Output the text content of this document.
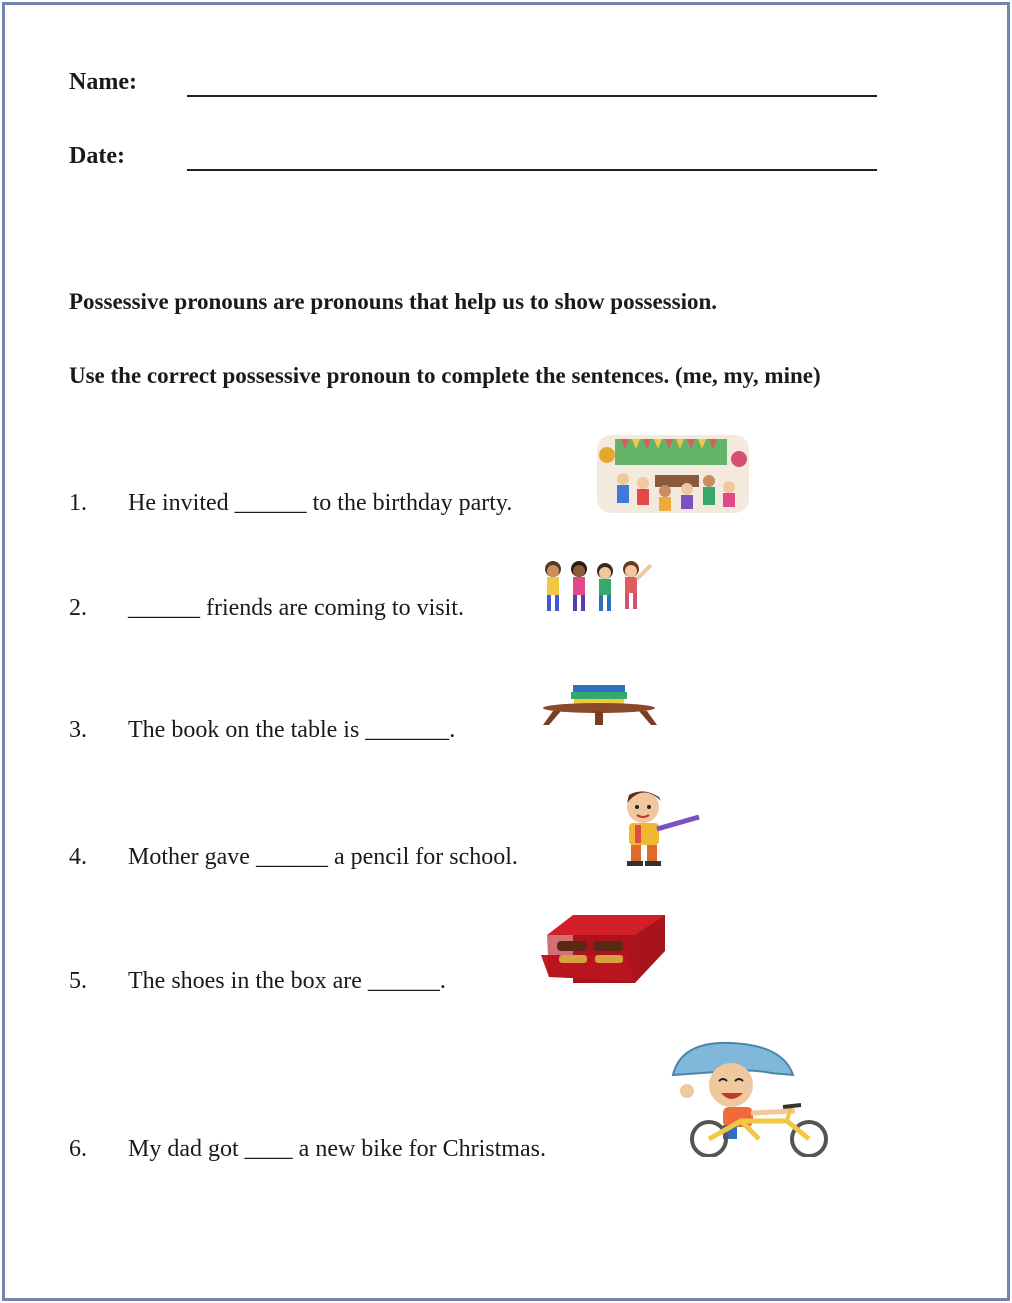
Name:
Date:
Possessive pronouns are pronouns that help us to show possession.
Use the correct possessive pronoun to complete the sentences. (me, my, mine)
1. He invited ______ to the birthday party.
2. ______ friends are coming to visit.
3. The book on the table is _______.
4. Mother gave ______ a pencil for school.
5. The shoes in the box are ______.
6. My dad got ____ a new bike for Christmas.
